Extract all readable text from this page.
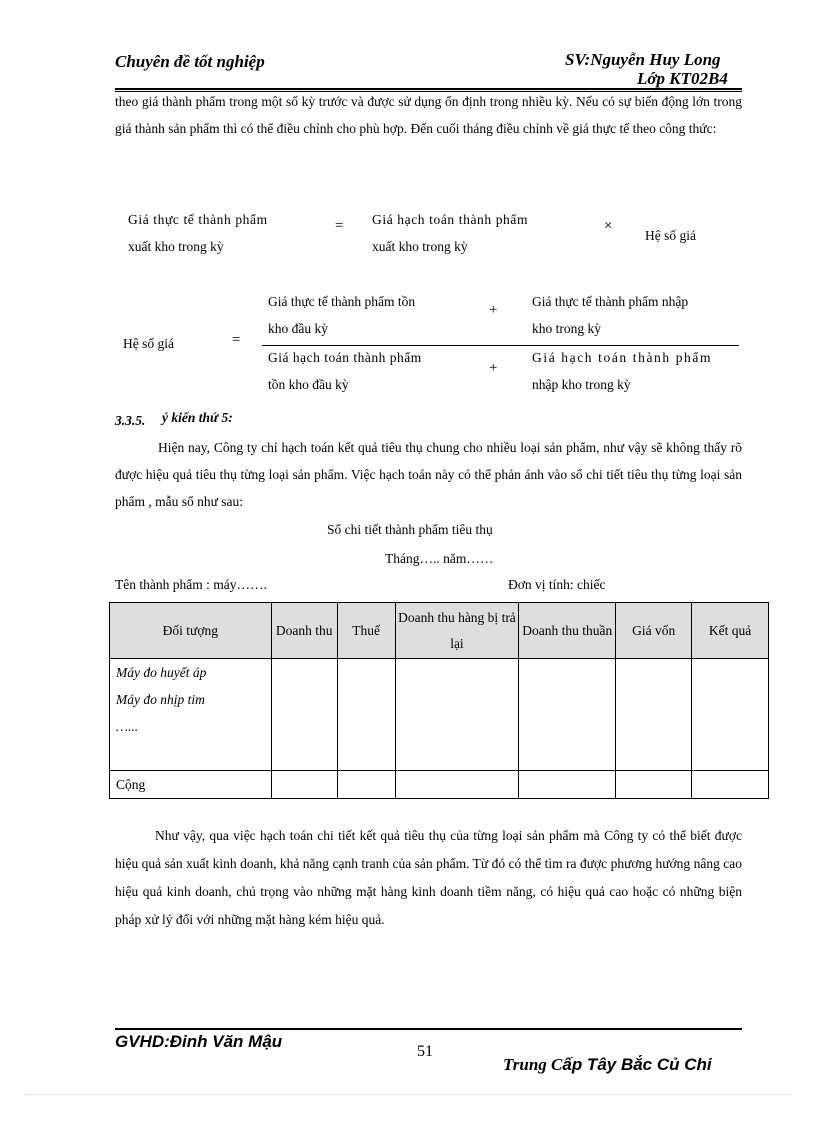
Chuyên đề tốt nghiệp	SV:Nguyễn Huy Long
Lớp KT02B4
theo giá thành phẩm trong một số kỳ trước và được sử dụng ổn định trong nhiều kỳ. Nếu có sự biến động lớn trong giá thành sản phẩm thì có thể điều chỉnh cho phù hợp. Đến cuối tháng điều chỉnh về giá thực tế theo công thức:
Giá thực tế thành phẩm
xuất kho trong kỳ
= Giá hạch toán thành phẩm
xuất kho trong kỳ
×
Hệ số giá
Hệ số giá	=
Giá thực tế thành phẩm tồn
kho đầu kỳ
+
Giá thực tế thành phẩm nhập
kho trong kỳ
Giá hạch toán thành phẩm
tồn kho đầu kỳ
+
Giá hạch toán thành phẩm
nhập kho trong kỳ
3.3.5. ý kiến thứ 5:
Hiện nay, Công ty chỉ hạch toán kết quả tiêu thụ chung cho nhiều loại sản phẩm, như vậy sẽ không thấy rõ được hiệu quả tiêu thụ từng loại sản phẩm. Việc hạch toán này có thể phản ánh vào sổ chi tiết tiêu thụ từng loại sản phẩm , mẫu sổ như sau:
Sổ chi tiết thành phẩm tiêu thụ
Tháng….. năm……
Tên thành phẩm : máy…….	Đơn vị tính: chiếc
Đối tượng	Doanh thu	Thuế	Doanh thu hàng bị trả lại	Doanh thu thuần	Giá vốn	Kết quả

Máy đo huyết áp
Máy đo nhịp tim
…...						

Cộng						
Như vậy, qua việc hạch toán chi tiết kết quả tiêu thụ của từng loại sản phẩm mà Công ty có thể biết được hiệu quả sản xuất kinh doanh, khả năng cạnh tranh của sản phẩm. Từ đó có thể tìm ra được phương hướng nâng cao hiệu quả kinh doanh, chú trọng vào những mặt hàng kinh doanh tiềm năng, có hiệu quả cao hoặc có những biện pháp xử lý đối với những mặt hàng kém hiệu quả.
GVHD:Đinh Văn Mậu
51
Trung Cấp Tây Bắc Củ Chi
